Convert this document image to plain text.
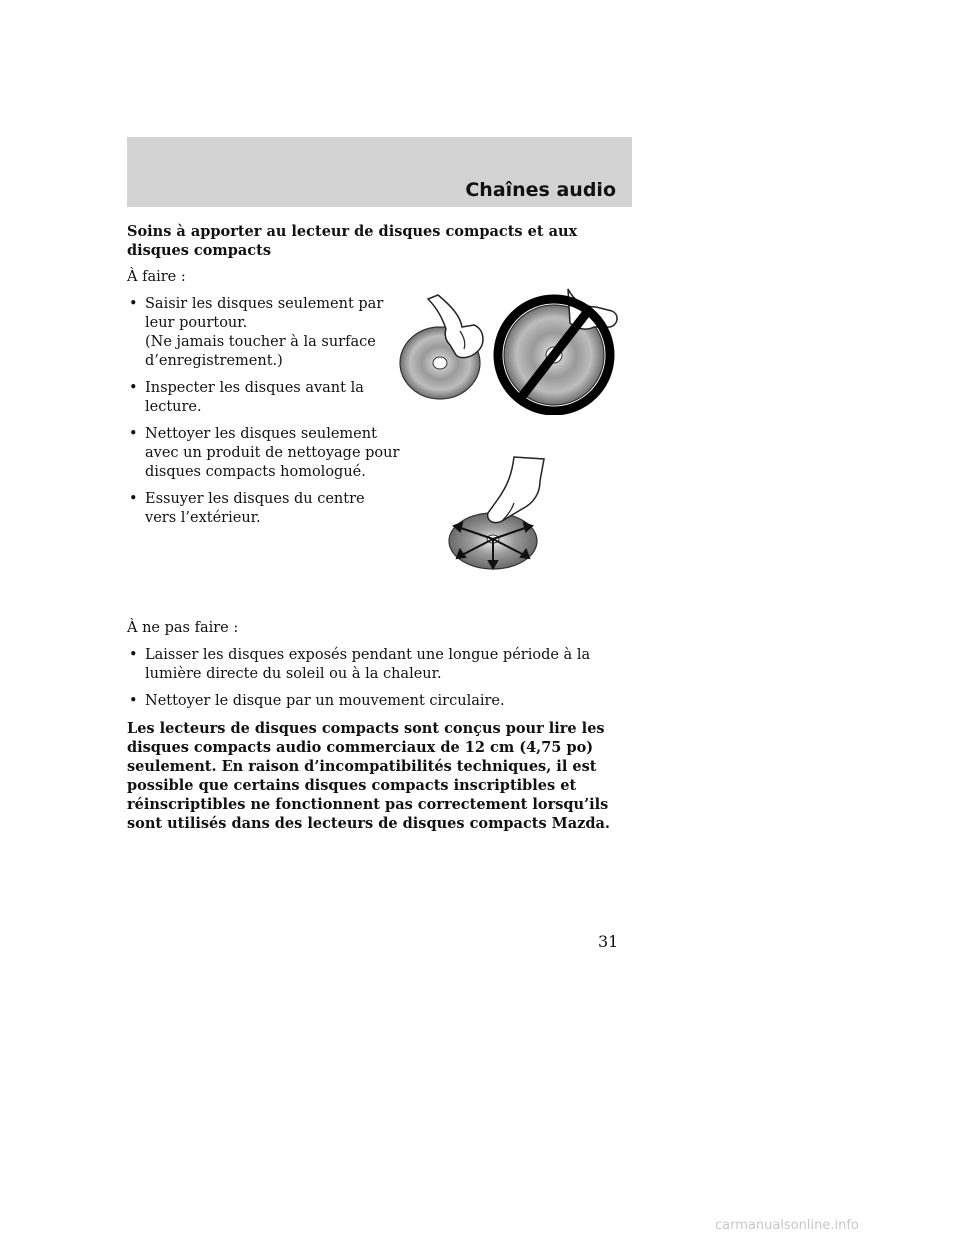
Chaînes audio

Soins à apporter au lecteur de disques compacts et aux disques compacts

À faire :

• Saisir les disques seulement par leur pourtour.
(Ne jamais toucher à la surface d’enregistrement.)
• Inspecter les disques avant la lecture.
• Nettoyer les disques seulement avec un produit de nettoyage pour disques compacts homologué.
• Essuyer les disques du centre vers l’extérieur.

À ne pas faire :

• Laisser les disques exposés pendant une longue période à la lumière directe du soleil ou à la chaleur.
• Nettoyer le disque par un mouvement circulaire.

Les lecteurs de disques compacts sont conçus pour lire les disques compacts audio commerciaux de 12 cm (4,75 po) seulement. En raison d’incompatibilités techniques, il est possible que certains disques compacts inscriptibles et réinscriptibles ne fonctionnent pas correctement lorsqu’ils sont utilisés dans des lecteurs de disques compacts Mazda.

31
carmanualsonline.info
